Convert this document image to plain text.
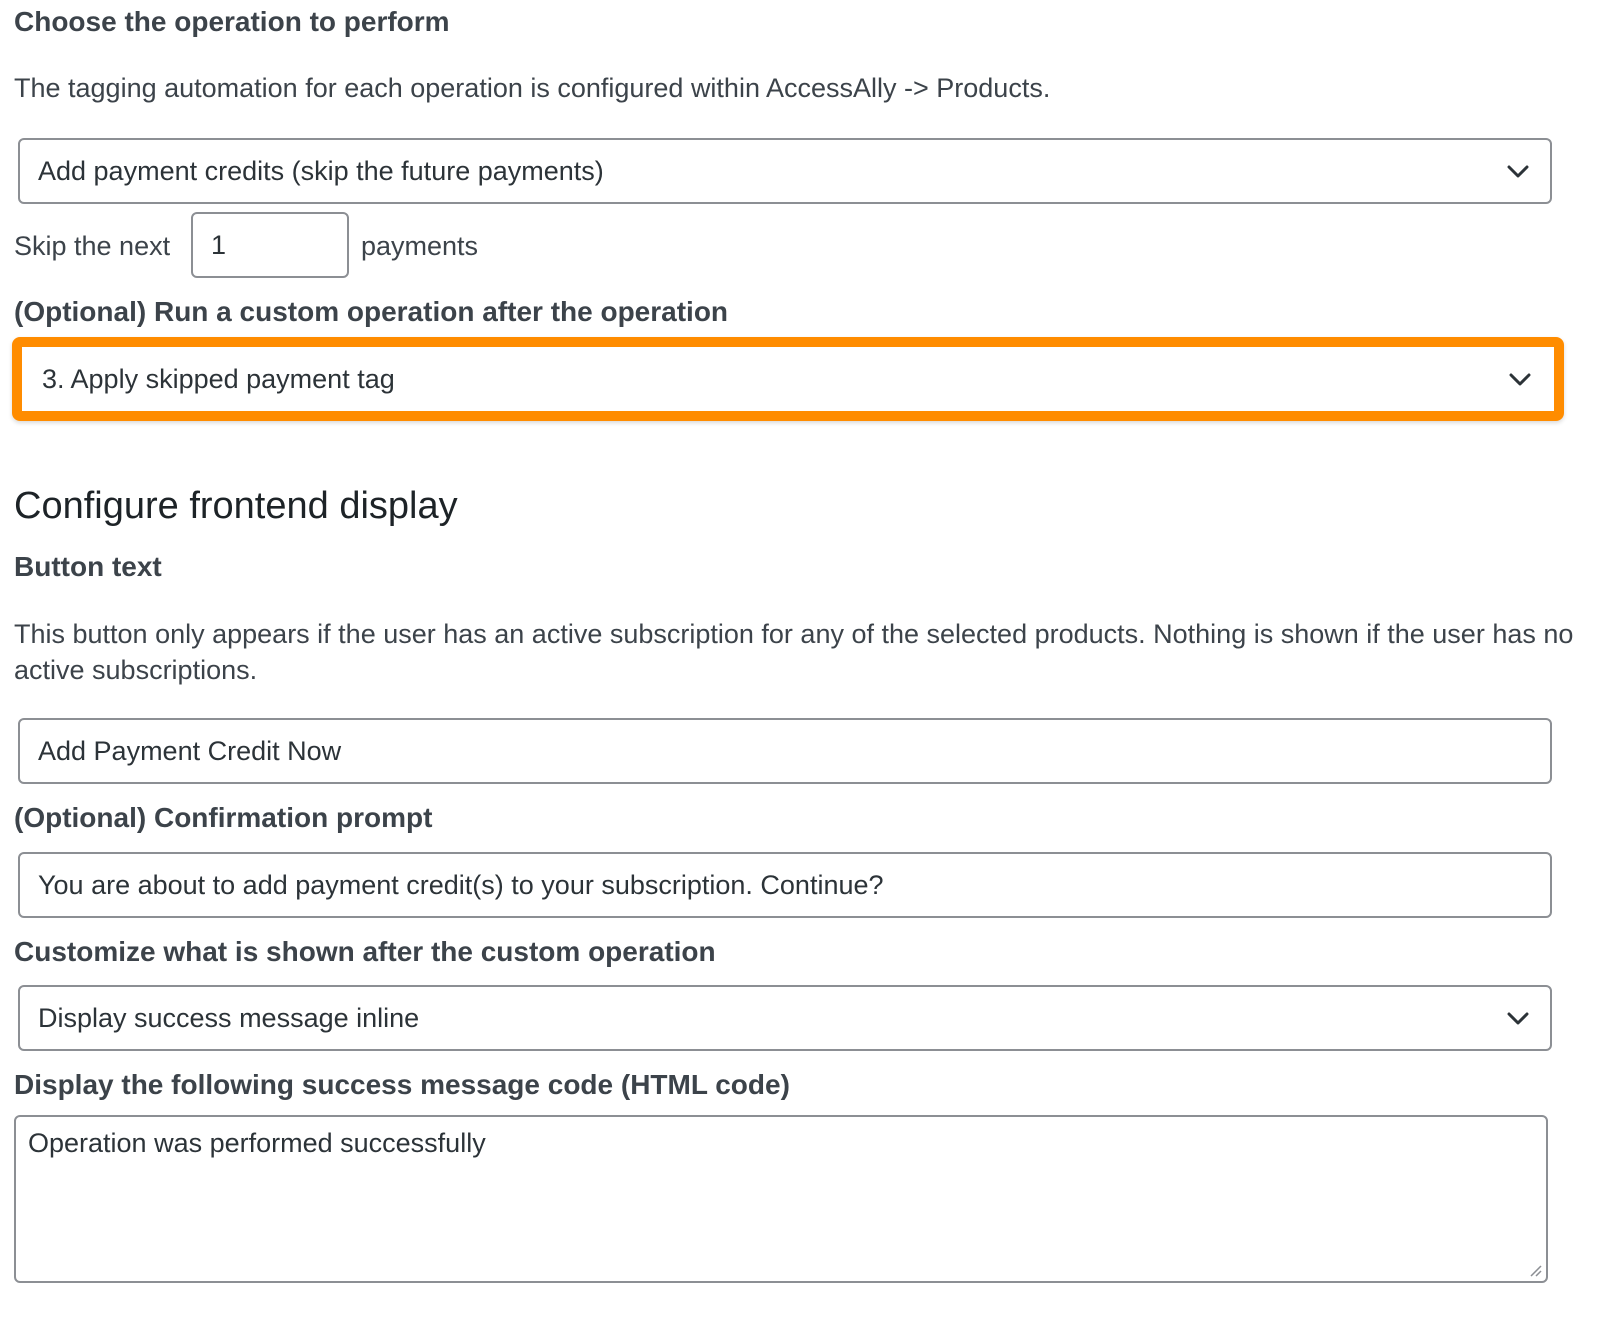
Choose the operation to perform
The tagging automation for each operation is configured within AccessAlly -> Products.
Add payment credits (skip the future payments)
Skip the next	1	payments
(Optional) Run a custom operation after the operation
3. Apply skipped payment tag
Configure frontend display
Button text
This button only appears if the user has an active subscription for any of the selected products. Nothing is shown if the user has no active subscriptions.
Add Payment Credit Now
(Optional) Confirmation prompt
You are about to add payment credit(s) to your subscription. Continue?
Customize what is shown after the custom operation
Display success message inline
Display the following success message code (HTML code)
Operation was performed successfully
